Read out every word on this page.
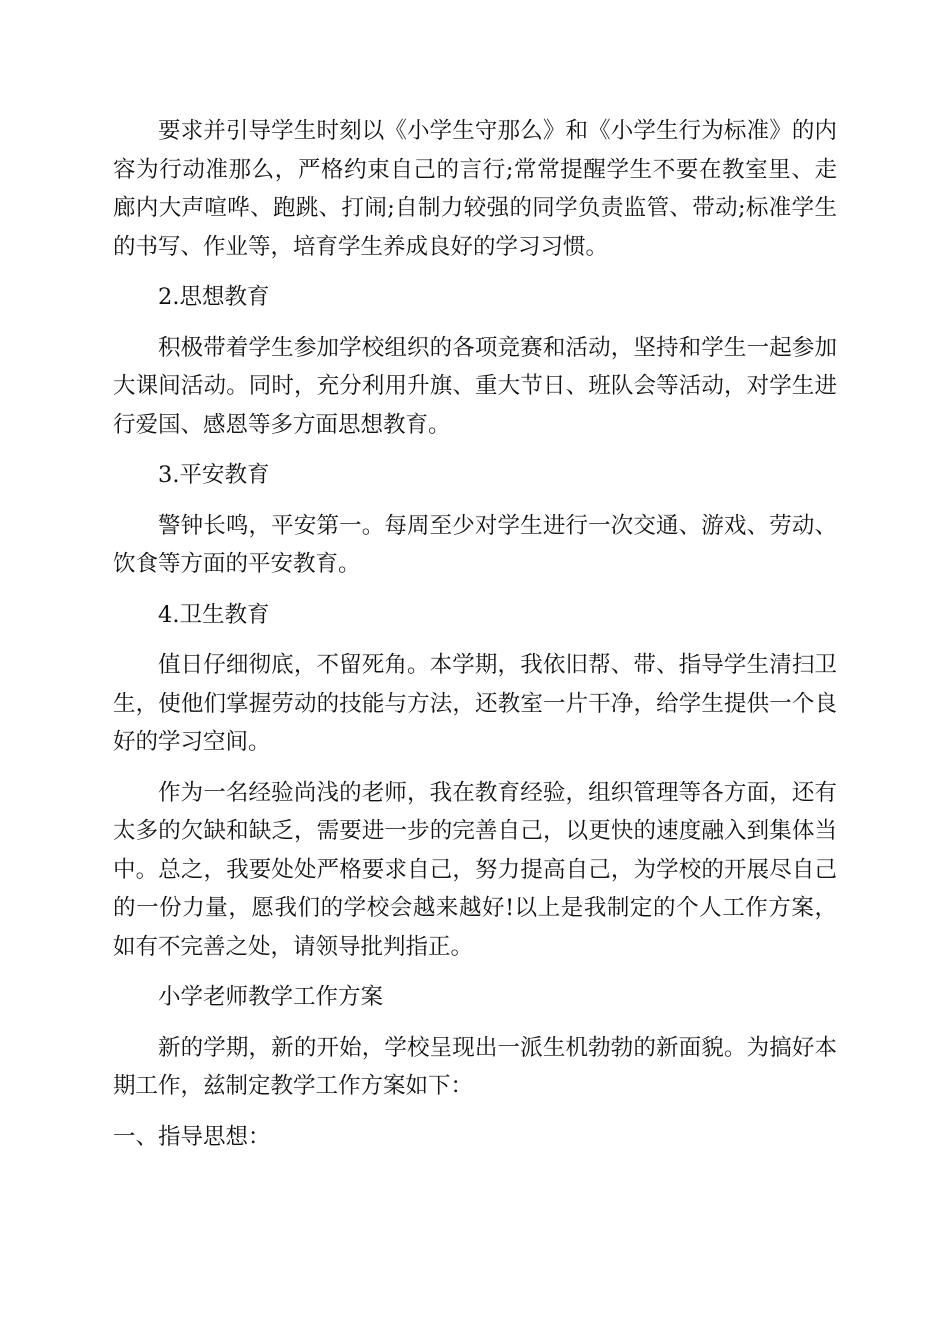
要求并引导学生时刻以《小学生守那么》和《小学生行为标准》的内容为行动准那么，严格约束自己的言行;常常提醒学生不要在教室里、走廊内大声喧哗、跑跳、打闹;自制力较强的同学负责监管、带动;标准学生的书写、作业等，培育学生养成良好的学习习惯。

2.思想教育

积极带着学生参加学校组织的各项竞赛和活动，坚持和学生一起参加大课间活动。同时，充分利用升旗、重大节日、班队会等活动，对学生进行爱国、感恩等多方面思想教育。

3.平安教育

警钟长鸣，平安第一。每周至少对学生进行一次交通、游戏、劳动、饮食等方面的平安教育。

4.卫生教育

值日仔细彻底，不留死角。本学期，我依旧帮、带、指导学生清扫卫生，使他们掌握劳动的技能与方法，还教室一片干净，给学生提供一个良好的学习空间。

作为一名经验尚浅的老师，我在教育经验，组织管理等各方面，还有太多的欠缺和缺乏，需要进一步的完善自己，以更快的速度融入到集体当中。总之，我要处处严格要求自己，努力提高自己，为学校的开展尽自己的一份力量，愿我们的学校会越来越好!以上是我制定的个人工作方案，如有不完善之处，请领导批判指正。

小学老师教学工作方案

新的学期，新的开始，学校呈现出一派生机勃勃的新面貌。为搞好本期工作，兹制定教学工作方案如下：

一、指导思想：
